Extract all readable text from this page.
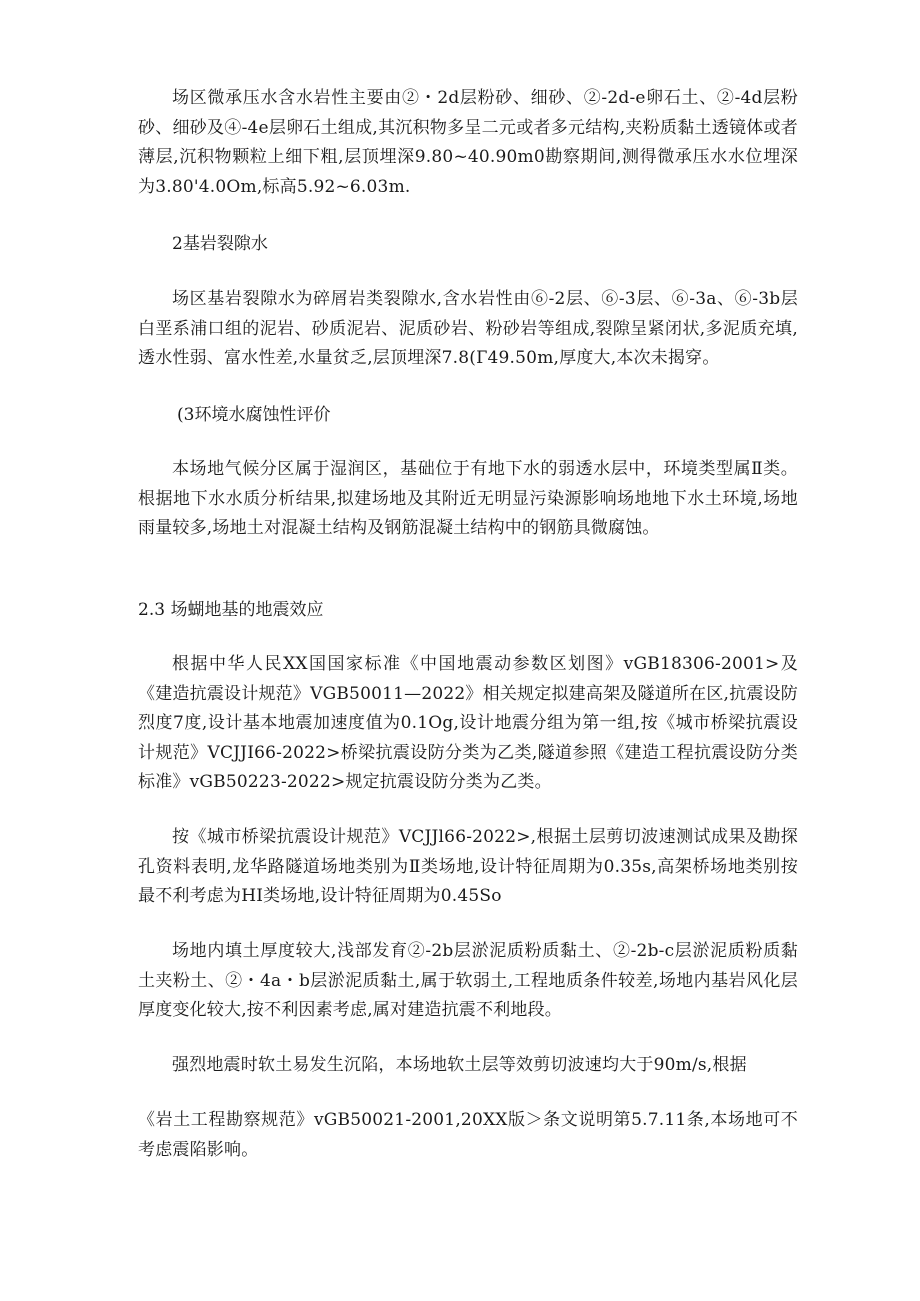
场区微承压水含水岩性主要由②・2d层粉砂、细砂、②-2d-e卵石土、②-4d层粉砂、细砂及④-4e层卵石土组成,其沉积物多呈二元或者多元结构,夹粉质黏土透镜体或者薄层,沉积物颗粒上细下粗,层顶埋深9.80~40.90m0勘察期间,测得微承压水水位埋深为3.80'4.0Om,标高5.92~6.03m.

2基岩裂隙水

场区基岩裂隙水为碎屑岩类裂隙水,含水岩性由⑥-2层、⑥-3层、⑥-3a、⑥-3b层白垩系浦口组的泥岩、砂质泥岩、泥质砂岩、粉砂岩等组成,裂隙呈紧闭状,多泥质充填,透水性弱、富水性差,水量贫乏,层顶埋深7.8(Г49.50m,厚度大,本次未揭穿。

(3环境水腐蚀性评价

本场地气候分区属于湿润区，基础位于有地下水的弱透水层中，环境类型属Ⅱ类。根据地下水水质分析结果,拟建场地及其附近无明显污染源影响场地地下水土环境,场地雨量较多,场地土对混凝土结构及钢筋混凝土结构中的钢筋具微腐蚀。

2.3 场蝴地基的地震效应

根据中华人民XX国国家标准《中国地震动参数区划图》vGB18306-2001>及《建造抗震设计规范》VGB50011—2022》相关规定拟建高架及隧道所在区,抗震设防烈度7度,设计基本地震加速度值为0.1Og,设计地震分组为第一组,按《城市桥梁抗震设计规范》VCJJI66-2022>桥梁抗震设防分类为乙类,隧道参照《建造工程抗震设防分类标准》vGB50223-2022>规定抗震设防分类为乙类。

按《城市桥梁抗震设计规范》VCJJl66-2022>,根据土层剪切波速测试成果及勘探孔资料表明,龙华路隧道场地类别为Ⅱ类场地,设计特征周期为0.35s,高架桥场地类别按最不利考虑为HI类场地,设计特征周期为0.45So

场地内填土厚度较大,浅部发育②-2b层淤泥质粉质黏土、②-2b-c层淤泥质粉质黏土夹粉土、②・4a・b层淤泥质黏土,属于软弱土,工程地质条件较差,场地内基岩风化层厚度变化较大,按不利因素考虑,属对建造抗震不利地段。

强烈地震时软土易发生沉陷，本场地软土层等效剪切波速均大于90m∕s,根据

《岩土工程勘察规范》vGB50021-2001,20XX版＞条文说明第5.7.11条,本场地可不考虑震陷影响。
